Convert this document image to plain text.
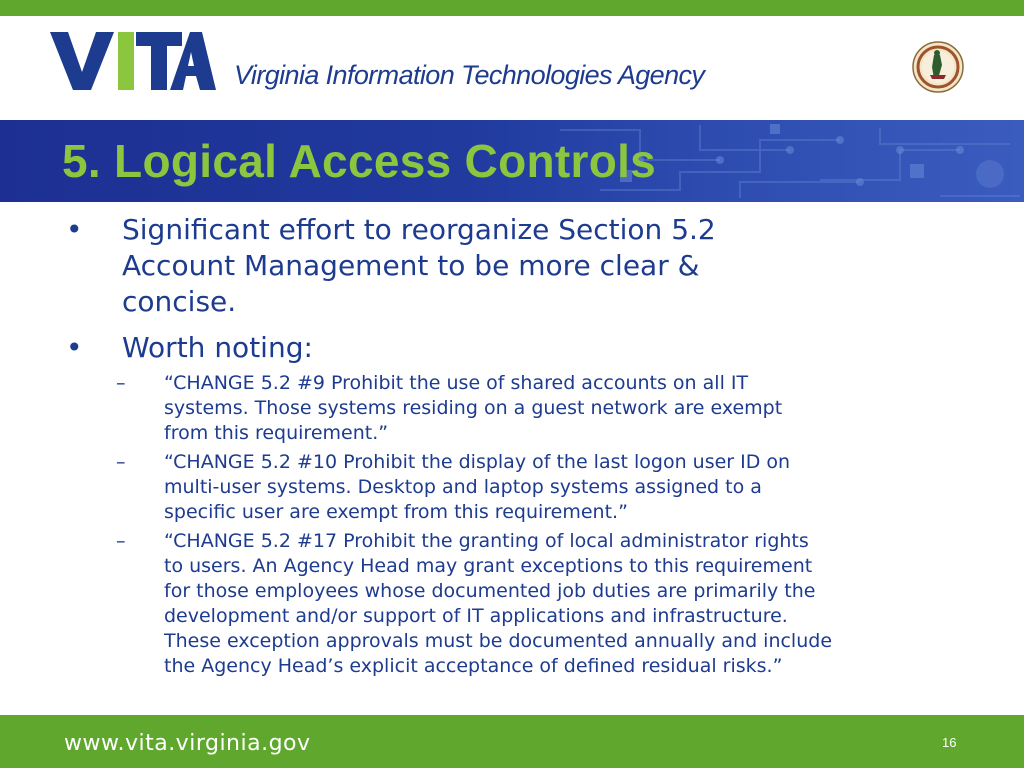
Virginia Information Technologies Agency
5. Logical Access Controls
• Significant effort to reorganize Section 5.2
Account Management to be more clear &
concise.
• Worth noting:
– “CHANGE 5.2 #9 Prohibit the use of shared accounts on all IT
systems. Those systems residing on a guest network are exempt
from this requirement.”
– “CHANGE 5.2 #10 Prohibit the display of the last logon user ID on
multi-user systems. Desktop and laptop systems assigned to a
specific user are exempt from this requirement.”
– “CHANGE 5.2 #17 Prohibit the granting of local administrator rights
to users. An Agency Head may grant exceptions to this requirement
for those employees whose documented job duties are primarily the
development and/or support of IT applications and infrastructure.
These exception approvals must be documented annually and include
the Agency Head’s explicit acceptance of defined residual risks.”
www.vita.virginia.gov	16
